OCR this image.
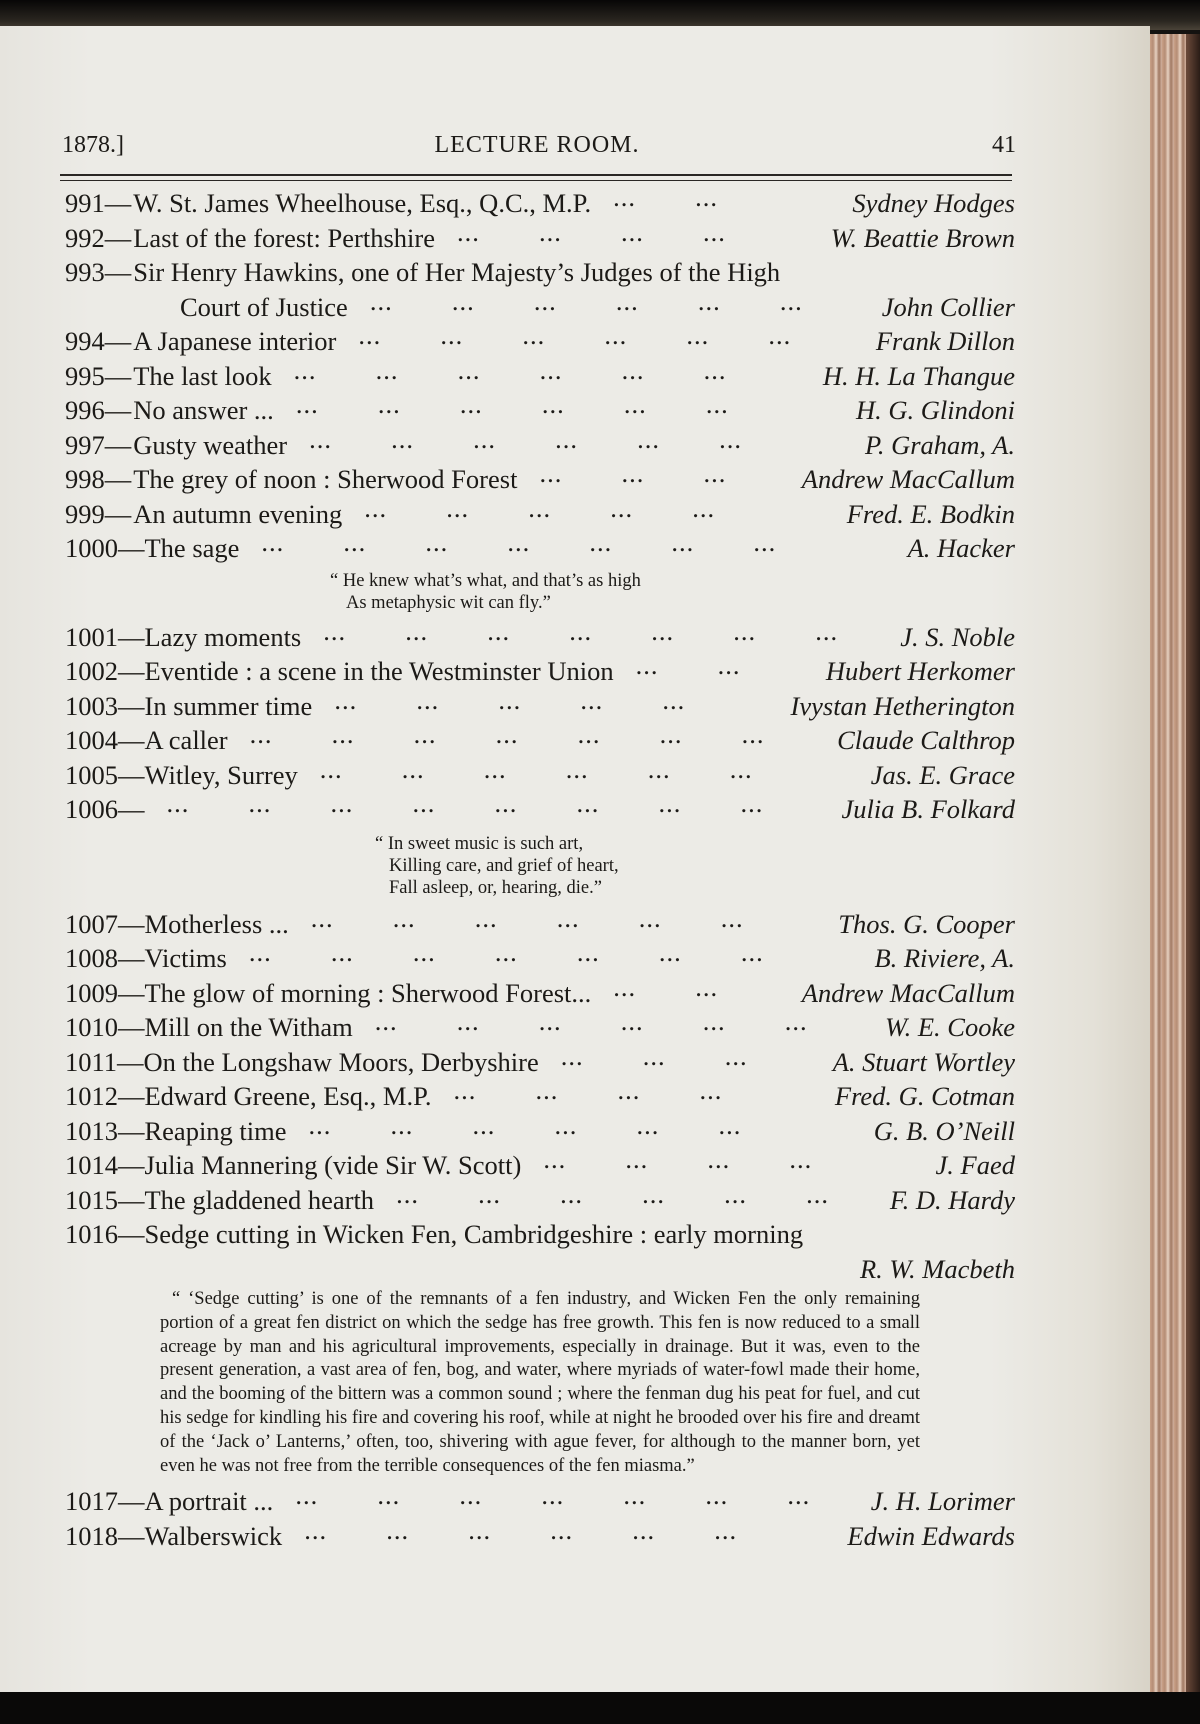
1878.]	LECTURE ROOM.	41
991— W. St. James Wheelhouse, Esq., Q.C., M.P.	Sydney Hodges
... ...
992— Last of the forest: Perthshire	W. Beattie Brown
... ... ... ...
993— Sir Henry Hawkins, one of Her Majesty’s Judges of the High
Court of Justice	John Collier
... ... ... ... ... ...
994— A Japanese interior	Frank Dillon
... ... ... ... ... ...
995— The last look	H. H. La Thangue
... ... ... ... ... ...
996— No answer ...	H. G. Glindoni
... ... ... ... ... ...
997— Gusty weather	P. Graham, A.
... ... ... ... ... ...
998— The grey of noon : Sherwood Forest	Andrew MacCallum
... ... ...
999— An autumn evening	Fred. E. Bodkin
... ... ... ... ...
1000— The sage	A. Hacker
... ... ... ... ... ... ...
“ He knew what’s what, and that’s as high
As metaphysic wit can fly.”
1001— Lazy moments	J. S. Noble
... ... ... ... ... ... ...
1002— Eventide : a scene in the Westminster Union	Hubert Herkomer
... ...
1003— In summer time	Ivystan Hetherington
... ... ... ... ...
1004— A caller	Claude Calthrop
... ... ... ... ... ... ...
1005— Witley, Surrey	Jas. E. Grace
... ... ... ... ... ...
1006—	Julia B. Folkard
... ... ... ... ... ... ... ...
“ In sweet music is such art,
Killing care, and grief of heart,
Fall asleep, or, hearing, die.”
1007— Motherless ...	Thos. G. Cooper
... ... ... ... ... ...
1008— Victims	B. Riviere, A.
... ... ... ... ... ... ...
1009— The glow of morning : Sherwood Forest...	Andrew MacCallum
... ...
1010— Mill on the Witham	W. E. Cooke
... ... ... ... ... ...
1011— On the Longshaw Moors, Derbyshire	A. Stuart Wortley
... ... ...
1012— Edward Greene, Esq., M.P.	Fred. G. Cotman
... ... ... ...
1013— Reaping time	G. B. O’Neill
... ... ... ... ... ...
1014— Julia Mannering (vide Sir W. Scott)	J. Faed
... ... ... ...
1015— The gladdened hearth	F. D. Hardy
... ... ... ... ... ...
1016— Sedge cutting in Wicken Fen, Cambridgeshire : early morning
R. W. Macbeth

“ ‘Sedge cutting’ is one of the remnants of a fen industry, and Wicken Fen the only remaining portion of a great fen district on which the sedge has free growth. This fen is now reduced to a small acreage by man and his agricultural improvements, especially in drainage. But it was, even to the present generation, a vast area of fen, bog, and water, where myriads of water-fowl made their home, and the booming of the bittern was a common sound ; where the fenman dug his peat for fuel, and cut his sedge for kindling his fire and covering his roof, while at night he brooded over his fire and dreamt of the ‘Jack o’ Lanterns,’ often, too, shivering with ague fever, for although to the manner born, yet even he was not free from the terrible consequences of the fen miasma.”

1017— A portrait ...	J. H. Lorimer
... ... ... ... ... ... ...
1018— Walberswick	Edwin Edwards
... ... ... ... ... ...
